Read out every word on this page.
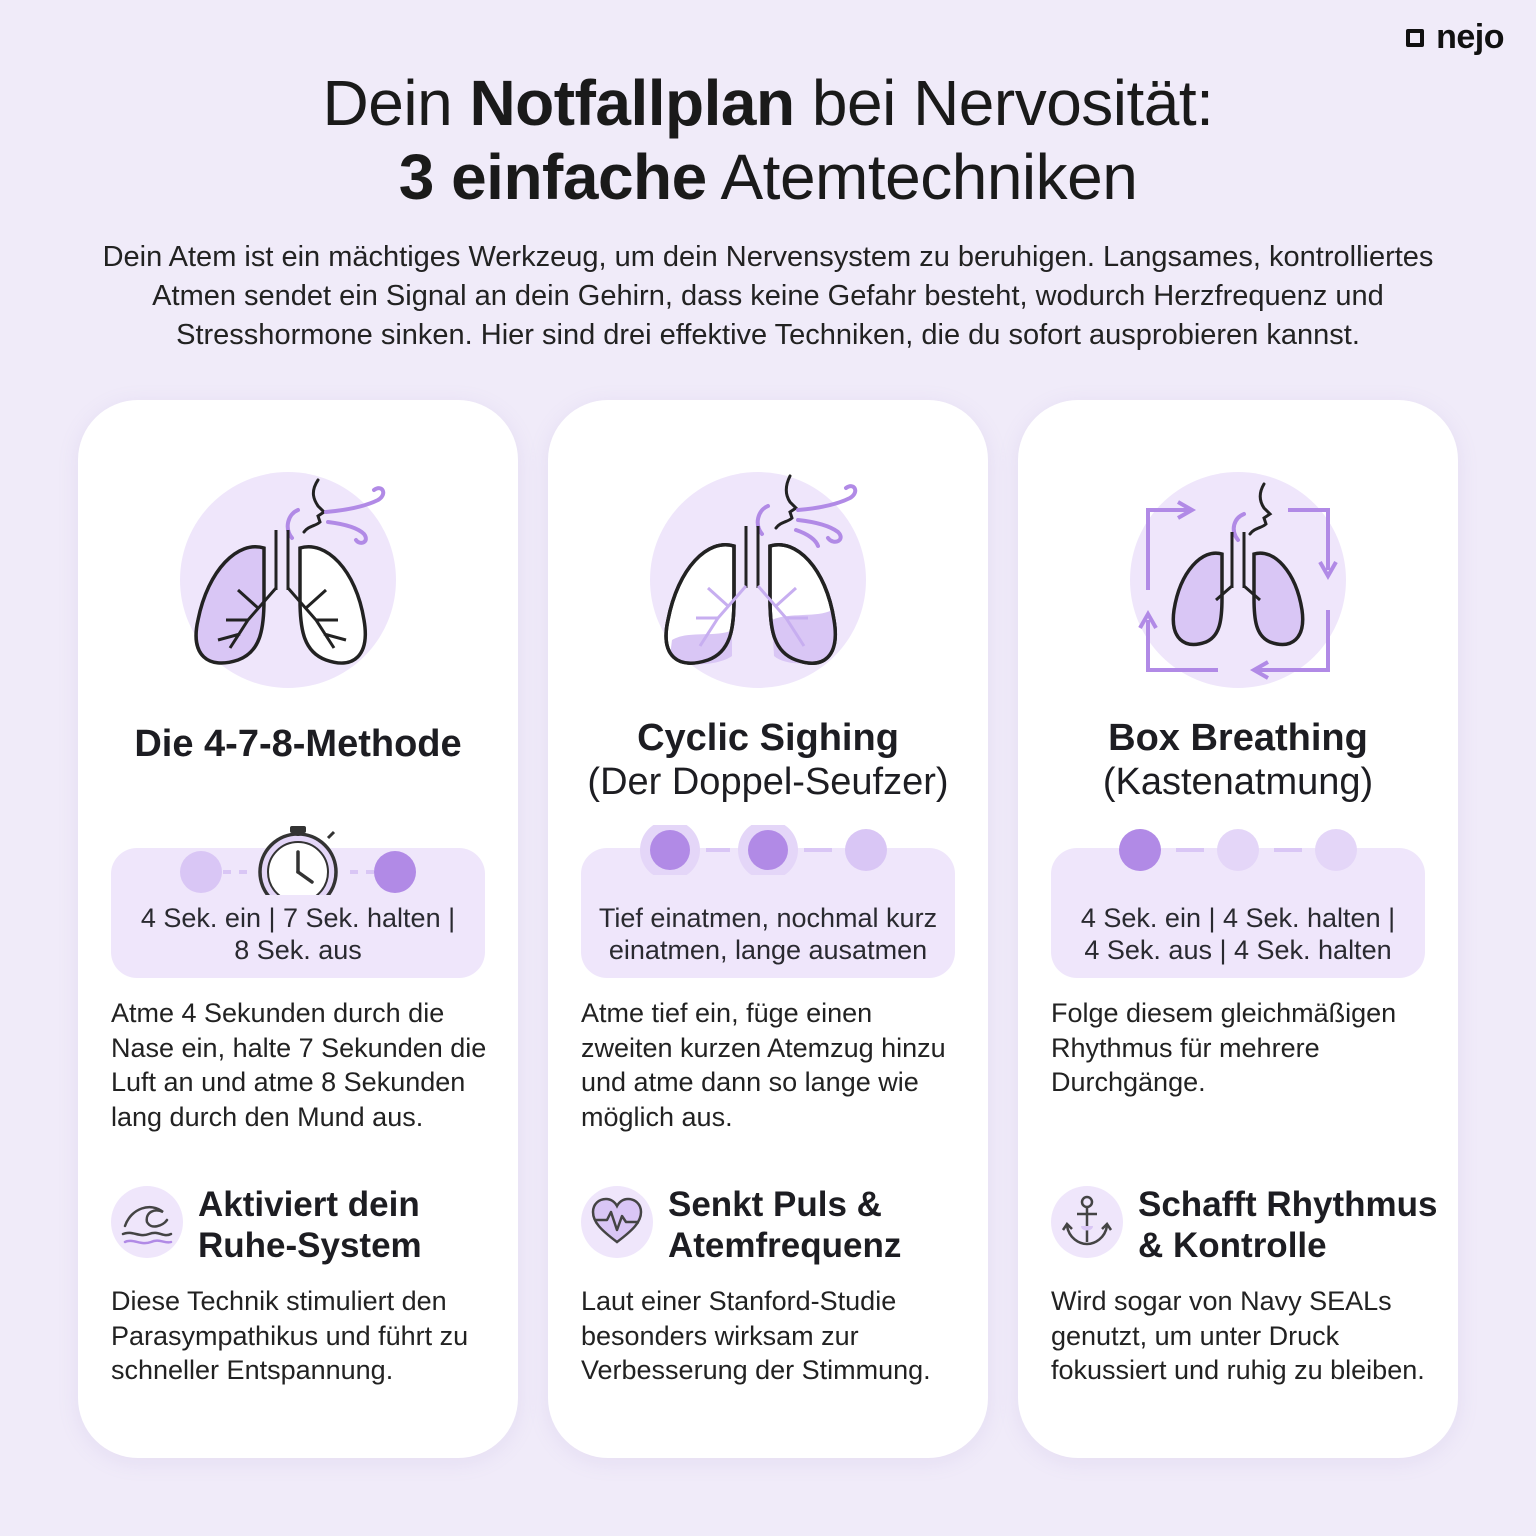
nejo
Dein Notfallplan bei Nervosität:
3 einfache Atemtechniken
Dein Atem ist ein mächtiges Werkzeug, um dein Nervensystem zu beruhigen. Langsames, kontrolliertes Atmen sendet ein Signal an dein Gehirn, dass keine Gefahr besteht, wodurch Herzfrequenz und Stresshormone sinken. Hier sind drei effektive Techniken, die du sofort ausprobieren kannst.
Die 4-7-8-Methode
4 Sek. ein | 7 Sek. halten | 8 Sek. aus
Atme 4 Sekunden durch die Nase ein, halte 7 Sekunden die Luft an und atme 8 Sekunden lang durch den Mund aus.
Aktiviert dein Ruhe-System
Diese Technik stimuliert den Parasympathikus und führt zu schneller Entspannung.
Cyclic Sighing
(Der Doppel-Seufzer)
Tief einatmen, nochmal kurz einatmen, lange ausatmen
Atme tief ein, füge einen zweiten kurzen Atemzug hinzu und atme dann so lange wie möglich aus.
Senkt Puls & Atemfrequenz
Laut einer Stanford-Studie besonders wirksam zur Verbesserung der Stimmung.
Box Breathing
(Kastenatmung)
4 Sek. ein | 4 Sek. halten | 4 Sek. aus | 4 Sek. halten
Folge diesem gleichmäßigen Rhythmus für mehrere Durchgänge.
Schafft Rhythmus & Kontrolle
Wird sogar von Navy SEALs genutzt, um unter Druck fokussiert und ruhig zu bleiben.
